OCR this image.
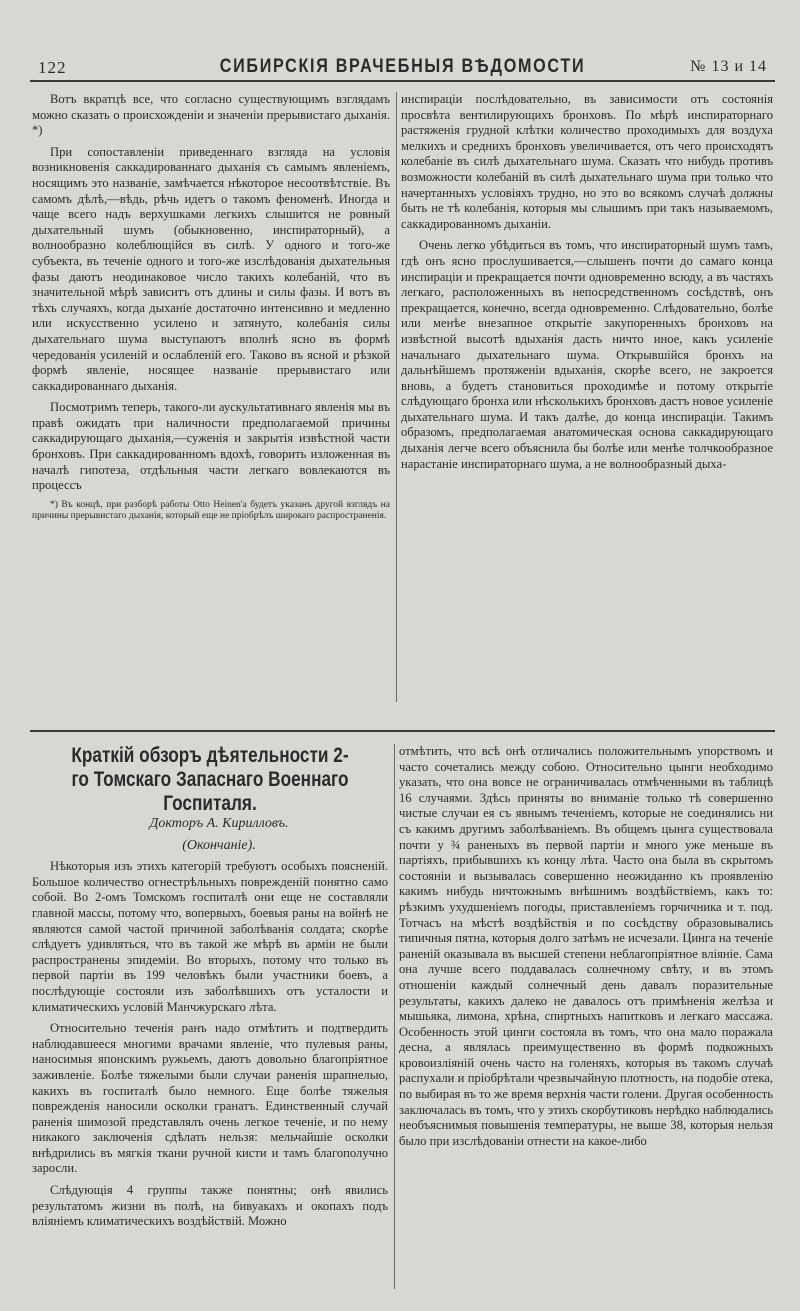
122	СИБИРСКІЯ ВРАЧЕБНЫЯ ВѢДОМОСТИ	№ 13 и 14

Вотъ вкратцѣ все, что согласно существующимъ взглядамъ можно сказать о происхожденіи и значеніи прерывистаго дыханія. *)

При сопоставленіи приведеннаго взгляда на условія возникновенія саккадированнаго дыханія съ самымъ явленіемъ, носящимъ это названіе, замѣчается нѣкоторое несоотвѣтствіе. Въ самомъ дѣлѣ,—вѣдь, рѣчь идетъ о такомъ феноменѣ. Иногда и чаще всего надъ верхушками легкихъ слышится не ровный дыхательный шумъ (обыкновенно, инспираторный), а волнообразно колеблющійся въ силѣ. У одного и того-же субъекта, въ теченіе одного и того-же изслѣдованія дыхательныя фазы даютъ неодинаковое число такихъ колебаній, что въ значительной мѣрѣ зависитъ отъ длины и силы фазы. И вотъ въ тѣхъ случаяхъ, когда дыханіе достаточно интенсивно и медленно или искусственно усилено и затянуто, колебанія силы дыхательнаго шума выступаютъ вполнѣ ясно въ формѣ чередованія усиленій и ослабленій его. Таково въ ясной и рѣзкой формѣ явленіе, носящее названіе прерывистаго или саккадированнаго дыханія.

Посмотримъ теперь, такого-ли аускультативнаго явленія мы въ правѣ ожидать при наличности предполагаемой причины саккадирующаго дыханія,—суженія и закрытія извѣстной части бронховъ. При саккадированномъ вдохѣ, говорить изложенная въ началѣ гипотеза, отдѣльныя части легкаго вовлекаются въ процессъ

*) Въ концѣ, при разборѣ работы Otto Heinen'а будетъ указанъ другой взглядъ на причины прерывистаго дыханія, который еще не пріобрѣлъ широкаго распространенія.

инспираціи послѣдовательно, въ зависимости отъ состоянія просвѣта вентилирующихъ бронховъ. По мѣрѣ инспираторнаго растяженія грудной клѣтки количество проходимыхъ для воздуха мелкихъ и среднихъ бронховъ увеличивается, отъ чего происходятъ колебаніе въ силѣ дыхательнаго шума. Сказать что нибудь противъ возможности колебаній въ силѣ дыхательнаго шума при только что начертанныхъ условіяхъ трудно, но это во всякомъ случаѣ должны быть не тѣ колебанія, которыя мы слышимъ при такъ называемомъ, саккадированномъ дыханіи.

Очень легко убѣдиться въ томъ, что инспираторный шумъ тамъ, гдѣ онъ ясно прослушивается,—слышенъ почти до самаго конца инспираціи и прекращается почти одновременно всюду, а въ частяхъ легкаго, расположенныхъ въ непосредственномъ сосѣдствѣ, онъ прекращается, конечно, всегда одновременно. Слѣдовательно, болѣе или менѣе внезапное открытіе закупоренныхъ бронховъ на извѣстной высотѣ вдыханія дасть ничто иное, какъ усиленіе начальнаго дыхательнаго шума. Открывшійся бронхъ на дальнѣйшемъ протяженіи вдыханія, скорѣе всего, не закроется вновь, а будетъ становиться проходимѣе и потому открытіе слѣдующаго бронха или нѣсколькихъ бронховъ дастъ новое усиленіе дыхательнаго шума. И такъ далѣе, до конца инспираціи. Такимъ образомъ, предполагаемая анатомическая основа саккадирующаго дыханія легче всего объяснила бы болѣе или менѣе толчкообразное нарастаніе инспираторнаго шума, а не волнообразный дыха-

Краткій обзоръ дѣятельности 2-го Томскаго Запаснаго Военнаго Госпиталя.

Докторъ А. Кирилловъ.

(Окончаніе).

Нѣкоторыя изъ этихъ категорій требуютъ особыхъ поясненій. Большое количество огнестрѣльныхъ поврежденій понятно само собой. Во 2-омъ Томскомъ госпиталѣ они еще не составляли главной массы, потому что, вопервыхъ, боевыя раны на войнѣ не являются самой частой причиной заболѣванія солдата; скорѣе слѣдуетъ удивляться, что въ такой же мѣрѣ въ арміи не были распространены эпидеміи. Во вторыхъ, потому что только въ первой партіи въ 199 человѣкъ были участники боевъ, а послѣдующіе состояли изъ заболѣвшихъ отъ усталости и климатическихъ условій Манчжурскаго лѣта.

Относительно теченія ранъ надо отмѣтить и подтвердить наблюдавшееся многими врачами явленіе, что пулевыя раны, наносимыя японскимъ ружьемъ, даютъ довольно благопріятное заживленіе. Болѣе тяжелыми были случаи раненія шрапнелью, какихъ въ госпиталѣ было немного. Еще болѣе тяжелыя поврежденія наносили осколки гранатъ. Единственный случай раненія шимозой представлялъ очень легкое теченіе, и по нему никакого заключенія сдѣлать нельзя: мельчайшіе осколки внѣдрились въ мягкія ткани ручной кисти и тамъ благополучно заросли.

Слѣдующія 4 группы также понятны; онѣ явились результатомъ жизни въ полѣ, на бивуакахъ и окопахъ подъ вліяніемъ климатическихъ воздѣйствій. Можно

отмѣтить, что всѣ онѣ отличались положительнымъ упорствомъ и часто сочетались между собою. Относительно цынги необходимо указать, что она вовсе не ограничивалась отмѣченными въ таблицѣ 16 случаями. Здѣсь приняты во вниманіе только тѣ совершенно чистые случаи ея съ явнымъ теченіемъ, которые не соединялись ни съ какимъ другимъ заболѣваніемъ. Въ общемъ цынга существовала почти у ¾ раненыхъ въ первой партіи и много уже меньше въ партіяхъ, прибывшихъ къ концу лѣта. Часто она была въ скрытомъ состояніи и вызывалась совершенно неожиданно къ проявленію какимъ нибудь ничтожнымъ внѣшнимъ воздѣйствіемъ, какъ то: рѣзкимъ ухудшеніемъ погоды, приставленіемъ горчичника и т. под. Тотчасъ на мѣстѣ воздѣйствія и по сосѣдству образовывались типичныя пятна, которыя долго затѣмъ не исчезали. Цинга на теченіе раненій оказывала въ высшей степени неблагопріятное вліяніе. Сама она лучше всего поддавалась солнечному свѣту, и въ этомъ отношеніи каждый солнечный день давалъ поразительные результаты, какихъ далеко не давалось отъ примѣненія желѣза и мышьяка, лимона, хрѣна, спиртныхъ напитковъ и легкаго массажа. Особенность этой цинги состояла въ томъ, что она мало поражала десна, а являлась преимущественно въ формѣ подкожныхъ кровоизліяній очень часто на голеняхъ, которыя въ такомъ случаѣ распухали и пріобрѣтали чрезвычайную плотность, на подобіе отека, по выбирая въ то же время верхнія части голени. Другая особенность заключалась въ томъ, что у этихъ скорбутиковъ нерѣдко наблюдались необъяснимыя повышенія температуры, не выше 38, которыя нельзя было при изслѣдованіи отнести на какое-либо
